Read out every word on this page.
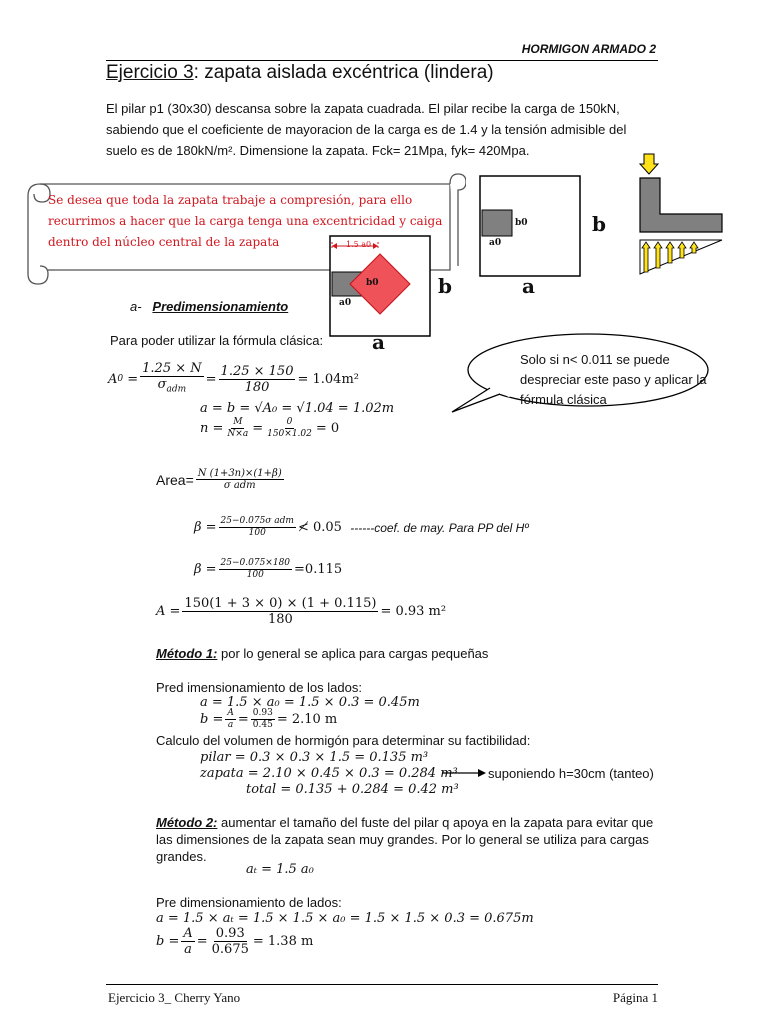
HORMIGON ARMADO 2
Ejercicio 3: zapata aislada excéntrica (lindera)
El pilar p1 (30x30) descansa sobre la zapata cuadrada. El pilar recibe la carga de 150kN,
sabiendo que el coeficiente de mayoracion de la carga es de 1.4 y la tensión admisible del
suelo es de 180kN/m². Dimensione la zapata. Fck= 21Mpa, fyk= 420Mpa.
Se desea que toda la zapata trabaje a compresión, para ello
recurrimos a hacer que la carga tenga una excentricidad y caiga
dentro del núcleo central de la zapata	1.5 a0
a0
b0	b
a
b0
a0
b
a
a- Predimensionamiento
Para poder utilizar la fórmula clásica:
Solo si n< 0.011 se puede
despreciar este paso y aplicar la
fórmula clásica
A $0 = \frac{1.25 \times N}{\sigma_{adm}} = \frac{1.25 \times 150}{180} = 1.04m^2$
a = b = √A₀ = √1.04 = 1.02m
$n = \frac{M}{N\times a} = \frac{0}{150\times 1.02} = 0$
Area= $\frac{N (1+3n)\times(1+\beta)}{\text{σ adm}}$
$\beta = \frac{\text{25−0.075σ adm}}{100}$ ≮ 0.05
------coef. de may. Para PP del Hº
$\beta = \frac{25-0.075\times 180}{100} =0.115$
$A = \frac{150(1 + 3 \times 0) \times (1 + 0.115)}{180} = 0.93$ m²
Método 1: por lo general se aplica para cargas pequeñas
Pred imensionamiento de los lados:
a = 1.5 × a₀ = 1.5 × 0.3 = 0.45m
$b = \frac{A}{a} = \frac{0.93}{0.45} = 2.10$ m
Calculo del volumen de hormigón para determinar su factibilidad:
pilar = 0.3 × 0.3 × 1.5 = 0.135 m³
zapata = 2.10 × 0.45 × 0.3 = 0.284 m³ suponiendo h=30cm (tanteo)
total = 0.135 + 0.284 = 0.42 m³
Método 2: aumentar el tamaño del fuste del pilar q apoya en la zapata para evitar que
las dimensiones de la zapata sean muy grandes. Por lo general se utiliza para cargas
grandes.
aₜ = 1.5 a₀
Pre dimensionamiento de lados:
a = 1.5 × aₜ = 1.5 × 1.5 × a₀ = 1.5 × 1.5 × 0.3 = 0.675m
$b = \frac{A}{a} = \frac{0.93}{0.675} = 1.38$ m
Ejercicio 3_ Cherry Yano	Página 1
